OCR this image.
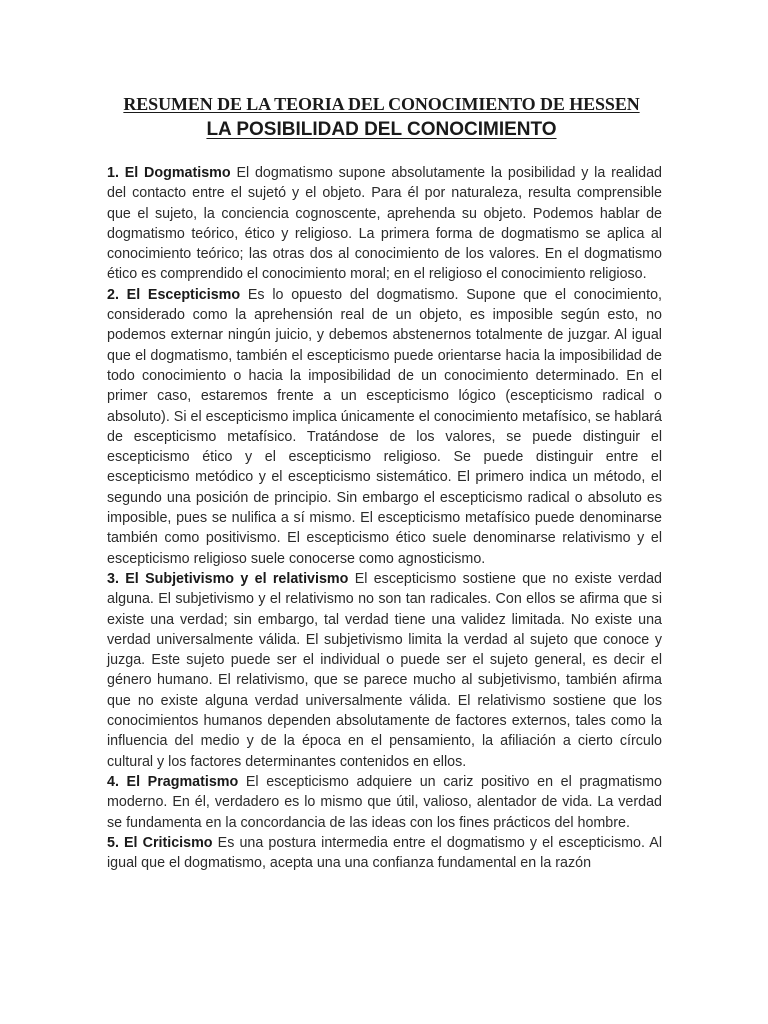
RESUMEN DE LA TEORIA DEL CONOCIMIENTO DE HESSEN
LA POSIBILIDAD DEL CONOCIMIENTO

1. El Dogmatismo El dogmatismo supone absolutamente la posibilidad y la realidad del contacto entre el sujetó y el objeto. Para él por naturaleza, resulta comprensible que el sujeto, la conciencia cognoscente, aprehenda su objeto. Podemos hablar de dogmatismo teórico, ético y religioso. La primera forma de dogmatismo se aplica al conocimiento teórico; las otras dos al conocimiento de los valores. En el dogmatismo ético es comprendido el conocimiento moral; en el religioso el conocimiento religioso.

2. El Escepticismo Es lo opuesto del dogmatismo. Supone que el conocimiento, considerado como la aprehensión real de un objeto, es imposible según esto, no podemos externar ningún juicio, y debemos abstenernos totalmente de juzgar. Al igual que el dogmatismo, también el escepticismo puede orientarse hacia la imposibilidad de todo conocimiento o hacia la imposibilidad de un conocimiento determinado. En el primer caso, estaremos frente a un escepticismo lógico (escepticismo radical o absoluto). Si el escepticismo implica únicamente el conocimiento metafísico, se hablará de escepticismo metafísico. Tratándose de los valores, se puede distinguir el escepticismo ético y el escepticismo religioso. Se puede distinguir entre el escepticismo metódico y el escepticismo sistemático. El primero indica un método, el segundo una posición de principio. Sin embargo el escepticismo radical o absoluto es imposible, pues se nulifica a sí mismo. El escepticismo metafísico puede denominarse también como positivismo. El escepticismo ético suele denominarse relativismo y el escepticismo religioso suele conocerse como agnosticismo.

3. El Subjetivismo y el relativismo El escepticismo sostiene que no existe verdad alguna. El subjetivismo y el relativismo no son tan radicales. Con ellos se afirma que si existe una verdad; sin embargo, tal verdad tiene una validez limitada. No existe una verdad universalmente válida. El subjetivismo limita la verdad al sujeto que conoce y juzga. Este sujeto puede ser el individual o puede ser el sujeto general, es decir el género humano. El relativismo, que se parece mucho al subjetivismo, también afirma que no existe alguna verdad universalmente válida. El relativismo sostiene que los conocimientos humanos dependen absolutamente de factores externos, tales como la influencia del medio y de la época en el pensamiento, la afiliación a cierto círculo cultural y los factores determinantes contenidos en ellos.

4. El Pragmatismo El escepticismo adquiere un cariz positivo en el pragmatismo moderno. En él, verdadero es lo mismo que útil, valioso, alentador de vida. La verdad se fundamenta en la concordancia de las ideas con los fines prácticos del hombre.

5. El Criticismo Es una postura intermedia entre el dogmatismo y el escepticismo. Al igual que el dogmatismo, acepta una una confianza fundamental en la razón
